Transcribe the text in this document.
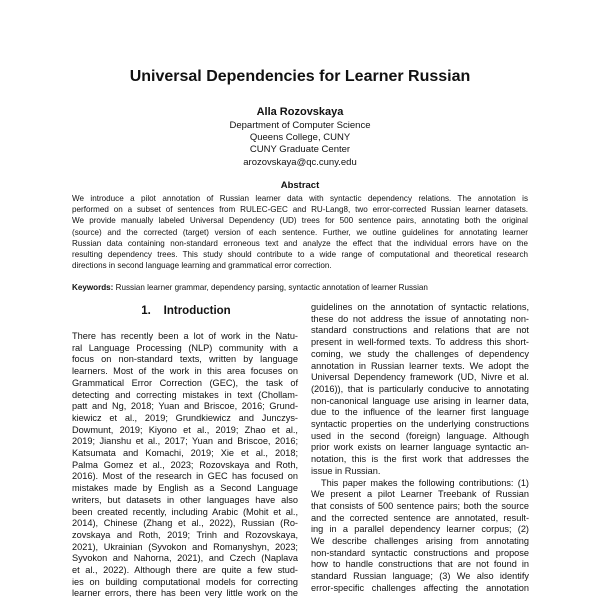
Universal Dependencies for Learner Russian
Alla Rozovskaya
Department of Computer Science
Queens College, CUNY
CUNY Graduate Center
arozovskaya@qc.cuny.edu
Abstract
We introduce a pilot annotation of Russian learner data with syntactic dependency relations. The annotation is
performed on a subset of sentences from RULEC-GEC and RU-Lang8, two error-corrected Russian learner datasets.
We provide manually labeled Universal Dependency (UD) trees for 500 sentence pairs, annotating both the original
(source) and the corrected (target) version of each sentence. Further, we outline guidelines for annotating learner
Russian data containing non-standard erroneous text and analyze the effect that the individual errors have on the
resulting dependency trees. This study should contribute to a wide range of computational and theoretical research
directions in second language learning and grammatical error correction.
Keywords: Russian learner grammar, dependency parsing, syntactic annotation of learner Russian
1. Introduction
There has recently been a lot of work in the Natu-
ral Language Processing (NLP) community with a
focus on non-standard texts, written by language
learners. Most of the work in this area focuses on
Grammatical Error Correction (GEC), the task of
detecting and correcting mistakes in text (Chollam-
patt and Ng, 2018; Yuan and Briscoe, 2016; Grund-
kiewicz et al., 2019; Grundkiewicz and Junczys-
Dowmunt, 2019; Kiyono et al., 2019; Zhao et al.,
2019; Jianshu et al., 2017; Yuan and Briscoe, 2016;
Katsumata and Komachi, 2019; Xie et al., 2018;
Palma Gomez et al., 2023; Rozovskaya and Roth,
2016). Most of the research in GEC has focused on
mistakes made by English as a Second Language
writers, but datasets in other languages have also
been created recently, including Arabic (Mohit et al.,
2014), Chinese (Zhang et al., 2022), Russian (Ro-
zovskaya and Roth, 2019; Trinh and Rozovskaya,
2021), Ukrainian (Syvokon and Romanyshyn, 2023;
Syvokon and Nahorna, 2021), and Czech (Naplava
et al., 2022). Although there are quite a few stud-
ies on building computational models for correcting
learner errors, there has been very little work on the
guidelines on the annotation of syntactic relations,
these do not address the issue of annotating non-
standard constructions and relations that are not
present in well-formed texts. To address this short-
coming, we study the challenges of dependency
annotation in Russian learner texts. We adopt the
Universal Dependency framework (UD, Nivre et al.
(2016)), that is particularly conducive to annotating
non-canonical language use arising in learner data,
due to the influence of the learner first language
syntactic properties on the underlying constructions
used in the second (foreign) language. Although
prior work exists on learner language syntactic an-
notation, this is the first work that addresses the
issue in Russian.
This paper makes the following contributions: (1)
We present a pilot Learner Treebank of Russian
that consists of 500 sentence pairs; both the source
and the corrected sentence are annotated, result-
ing in a parallel dependency learner corpus; (2)
We describe challenges arising from annotating
non-standard syntactic constructions and propose
how to handle constructions that are not found in
standard Russian language; (3) We also identify
error-specific challenges affecting the annotation
